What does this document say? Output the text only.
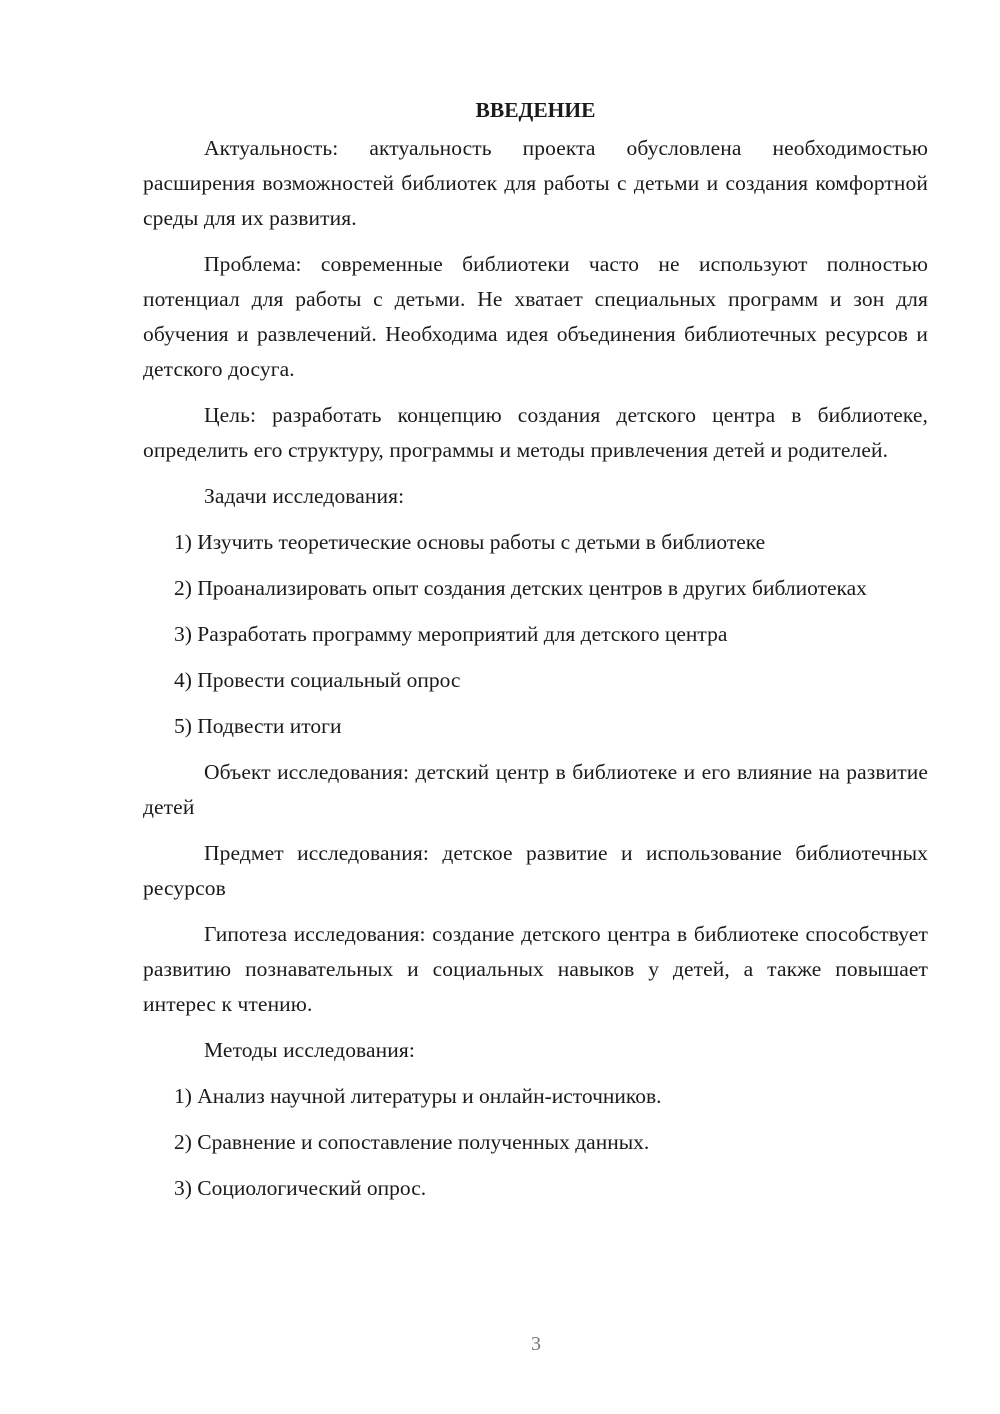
ВВЕДЕНИЕ

Актуальность: актуальность проекта обусловлена необходимостью расширения возможностей библиотек для работы с детьми и создания комфортной среды для их развития.

Проблема: современные библиотеки часто не используют полностью потенциал для работы с детьми. Не хватает специальных программ и зон для обучения и развлечений. Необходима идея объединения библиотечных ресурсов и детского досуга.

Цель: разработать концепцию создания детского центра в библиотеке, определить его структуру, программы и методы привлечения детей и родителей.

Задачи исследования:

1) Изучить теоретические основы работы с детьми в библиотеке

2) Проанализировать опыт создания детских центров в других библиотеках

3) Разработать программу мероприятий для детского центра

4) Провести социальный опрос

5) Подвести итоги

Объект исследования: детский центр в библиотеке и его влияние на развитие детей

Предмет исследования: детское развитие и использование библиотечных ресурсов

Гипотеза исследования: создание детского центра в библиотеке способствует развитию познавательных и социальных навыков у детей, а также повышает интерес к чтению.

Методы исследования:

1) Анализ научной литературы и онлайн-источников.

2) Сравнение и сопоставление полученных данных.

3) Социологический опрос.

3
